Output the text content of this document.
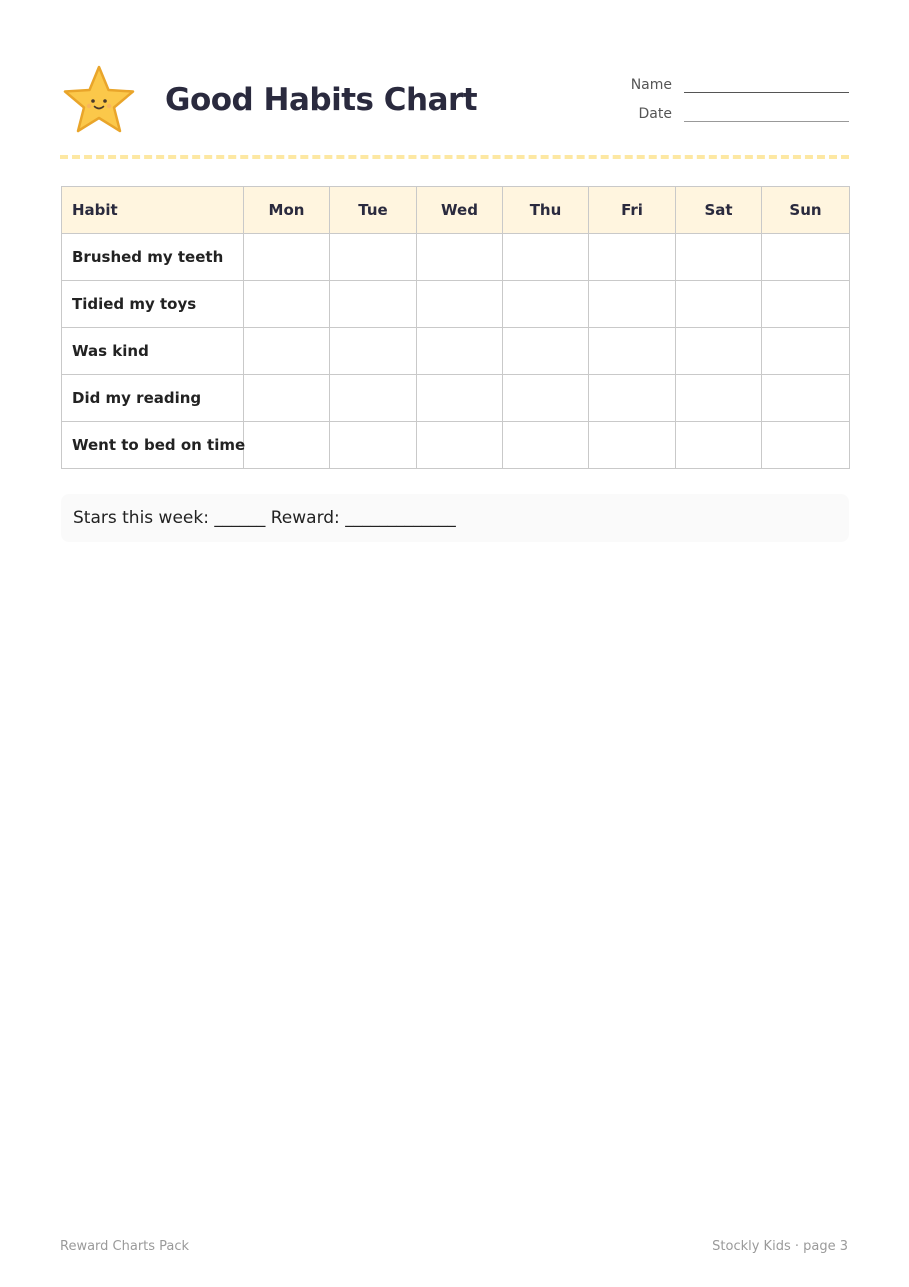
Good Habits Chart	Name
Date
Habit	Mon	Tue	Wed	Thu	Fri	Sat	Sun
Brushed my teeth							
Tidied my toys							
Was kind							
Did my reading							
Went to bed on time							
Stars this week: ______ Reward: _____________
Reward Charts Pack	Stockly Kids · page 3
